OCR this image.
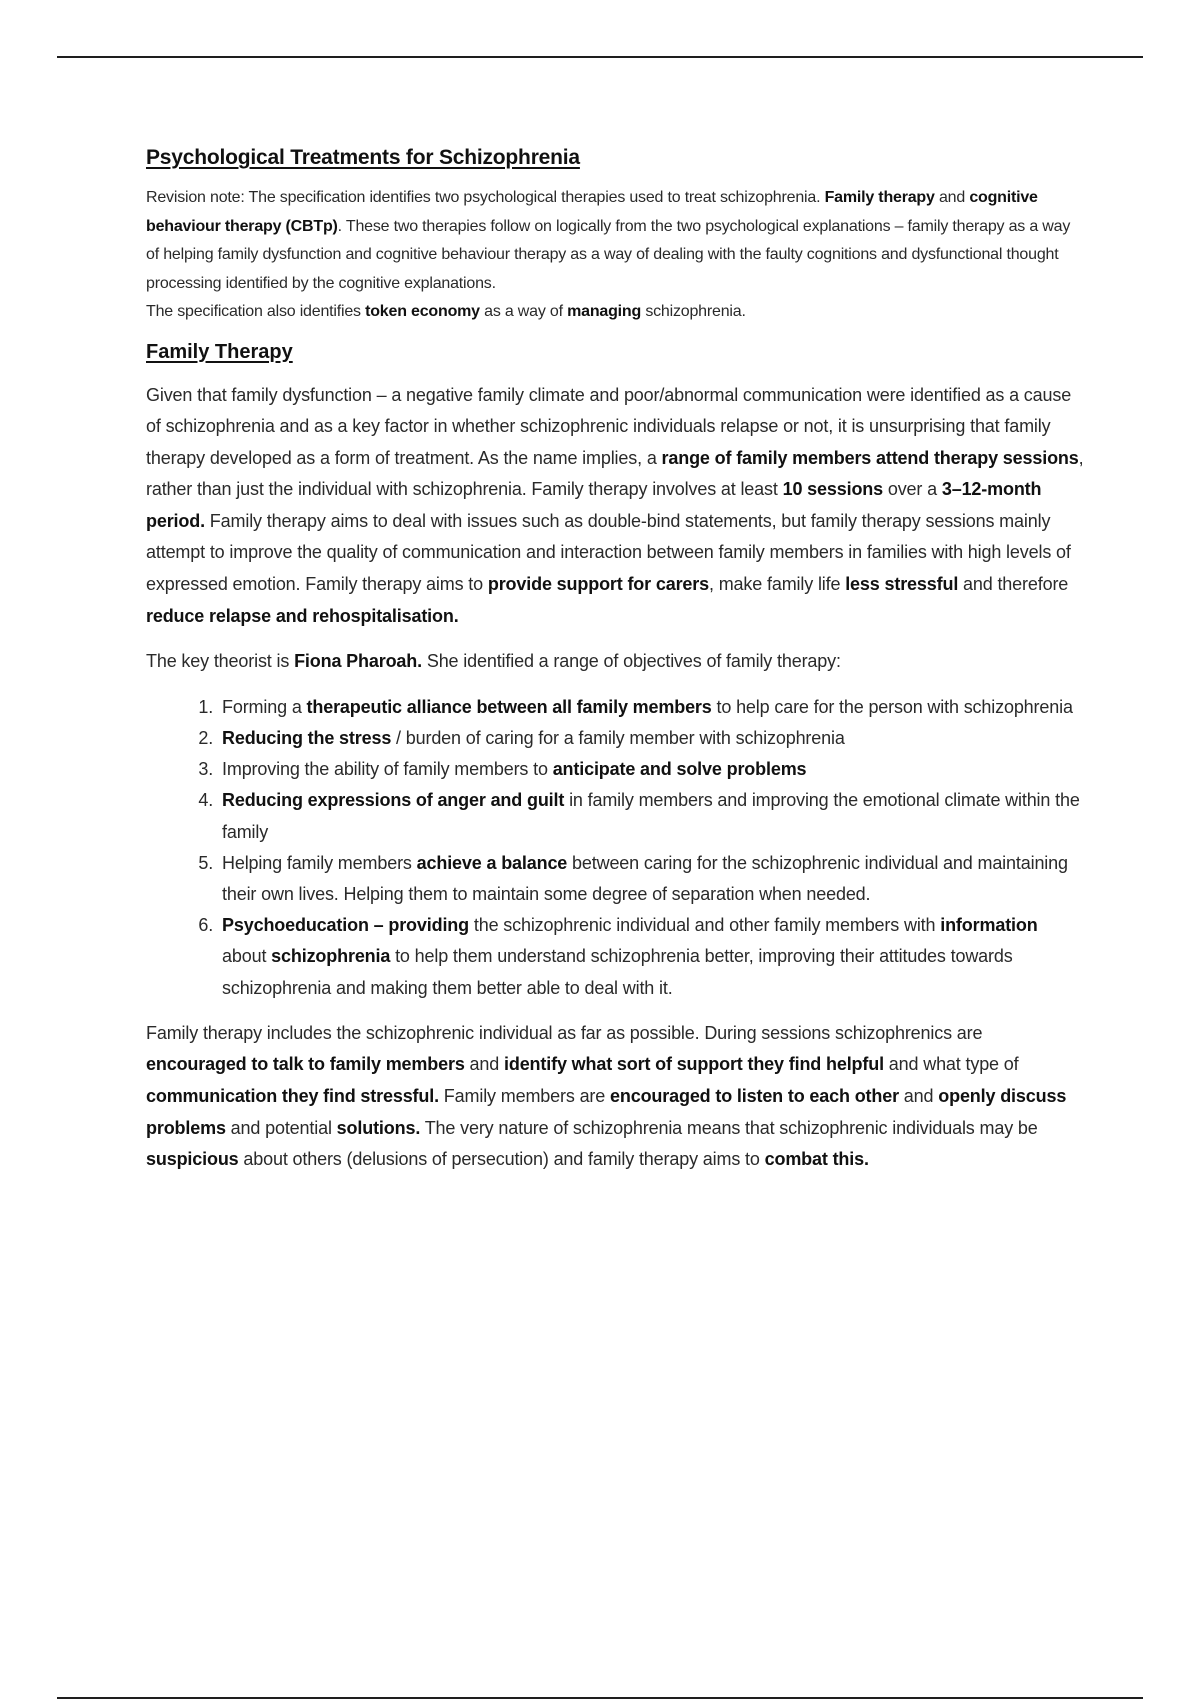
Psychological Treatments for Schizophrenia

Revision note: The specification identifies two psychological therapies used to treat schizophrenia. Family therapy and cognitive behaviour therapy (CBTp). These two therapies follow on logically from the two psychological explanations – family therapy as a way of helping family dysfunction and cognitive behaviour therapy as a way of dealing with the faulty cognitions and dysfunctional thought processing identified by the cognitive explanations.
The specification also identifies token economy as a way of managing schizophrenia.

Family Therapy

Given that family dysfunction – a negative family climate and poor/abnormal communication were identified as a cause of schizophrenia and as a key factor in whether schizophrenic individuals relapse or not, it is unsurprising that family therapy developed as a form of treatment. As the name implies, a range of family members attend therapy sessions, rather than just the individual with schizophrenia. Family therapy involves at least 10 sessions over a 3–12-month period. Family therapy aims to deal with issues such as double-bind statements, but family therapy sessions mainly attempt to improve the quality of communication and interaction between family members in families with high levels of expressed emotion. Family therapy aims to provide support for carers, make family life less stressful and therefore reduce relapse and rehospitalisation.

The key theorist is Fiona Pharoah. She identified a range of objectives of family therapy:

1. Forming a therapeutic alliance between all family members to help care for the person with schizophrenia
2. Reducing the stress / burden of caring for a family member with schizophrenia
3. Improving the ability of family members to anticipate and solve problems
4. Reducing expressions of anger and guilt in family members and improving the emotional climate within the family
5. Helping family members achieve a balance between caring for the schizophrenic individual and maintaining their own lives. Helping them to maintain some degree of separation when needed.
6. Psychoeducation – providing the schizophrenic individual and other family members with information about schizophrenia to help them understand schizophrenia better, improving their attitudes towards schizophrenia and making them better able to deal with it.

Family therapy includes the schizophrenic individual as far as possible. During sessions schizophrenics are encouraged to talk to family members and identify what sort of support they find helpful and what type of communication they find stressful. Family members are encouraged to listen to each other and openly discuss problems and potential solutions. The very nature of schizophrenia means that schizophrenic individuals may be suspicious about others (delusions of persecution) and family therapy aims to combat this.
